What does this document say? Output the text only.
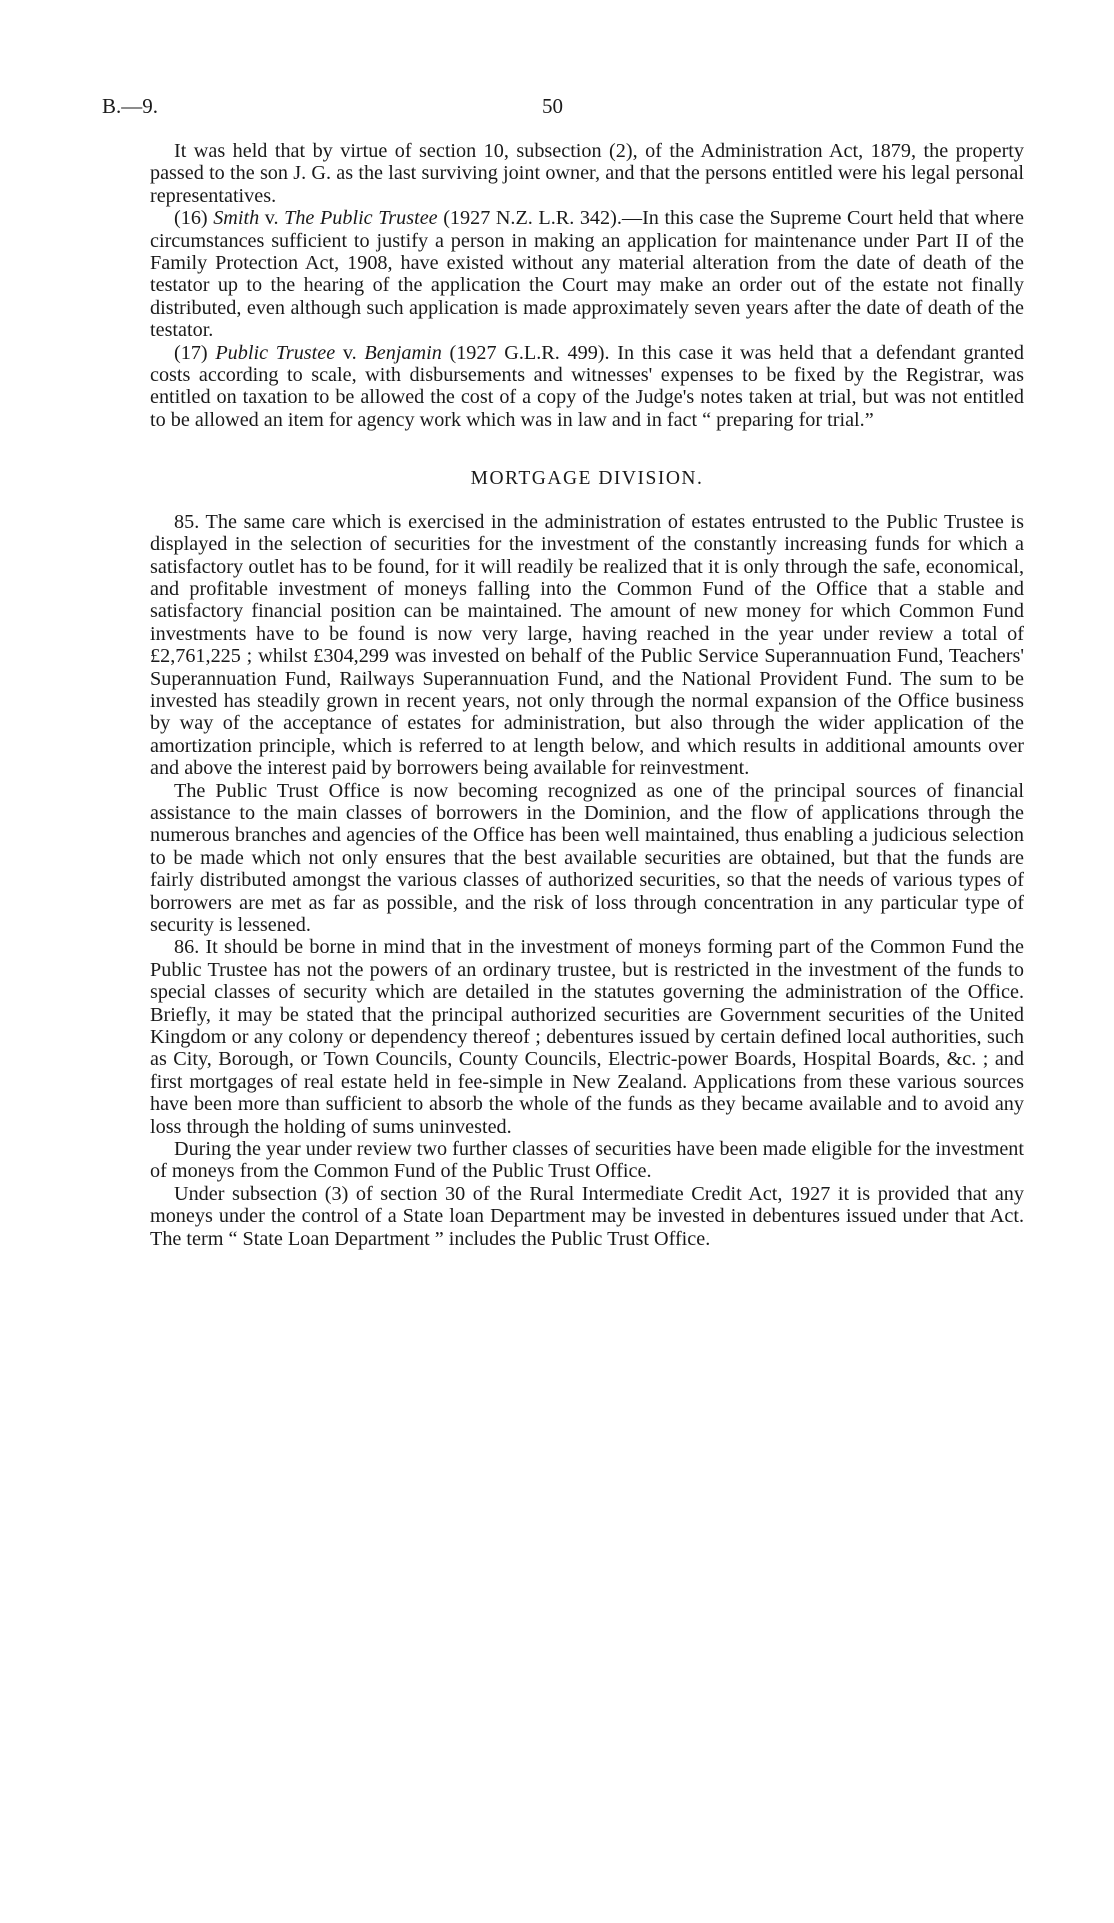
B.—9.	50

It was held that by virtue of section 10, subsection (2), of the Administration Act, 1879, the property passed to the son J. G. as the last surviving joint owner, and that the persons entitled were his legal personal representatives.

(16) Smith v. The Public Trustee (1927 N.Z. L.R. 342).—In this case the Supreme Court held that where circumstances sufficient to justify a person in making an application for maintenance under Part II of the Family Protection Act, 1908, have existed without any material alteration from the date of death of the testator up to the hearing of the application the Court may make an order out of the estate not finally distributed, even although such application is made approximately seven years after the date of death of the testator.

(17) Public Trustee v. Benjamin (1927 G.L.R. 499). In this case it was held that a defendant granted costs according to scale, with disbursements and witnesses' expenses to be fixed by the Registrar, was entitled on taxation to be allowed the cost of a copy of the Judge's notes taken at trial, but was not entitled to be allowed an item for agency work which was in law and in fact “ preparing for trial.”

MORTGAGE DIVISION.

85. The same care which is exercised in the administration of estates entrusted to the Public Trustee is displayed in the selection of securities for the investment of the constantly increasing funds for which a satisfactory outlet has to be found, for it will readily be realized that it is only through the safe, economical, and profitable investment of moneys falling into the Common Fund of the Office that a stable and satisfactory financial position can be maintained. The amount of new money for which Common Fund investments have to be found is now very large, having reached in the year under review a total of £2,761,225 ; whilst £304,299 was invested on behalf of the Public Service Superannuation Fund, Teachers' Superannuation Fund, Railways Superannuation Fund, and the National Provident Fund. The sum to be invested has steadily grown in recent years, not only through the normal expansion of the Office business by way of the acceptance of estates for administration, but also through the wider application of the amortization principle, which is referred to at length below, and which results in additional amounts over and above the interest paid by borrowers being available for reinvestment.

The Public Trust Office is now becoming recognized as one of the principal sources of financial assistance to the main classes of borrowers in the Dominion, and the flow of applications through the numerous branches and agencies of the Office has been well maintained, thus enabling a judicious selection to be made which not only ensures that the best available securities are obtained, but that the funds are fairly distributed amongst the various classes of authorized securities, so that the needs of various types of borrowers are met as far as possible, and the risk of loss through concentration in any particular type of security is lessened.

86. It should be borne in mind that in the investment of moneys forming part of the Common Fund the Public Trustee has not the powers of an ordinary trustee, but is restricted in the investment of the funds to special classes of security which are detailed in the statutes governing the administration of the Office. Briefly, it may be stated that the principal authorized securities are Government securities of the United Kingdom or any colony or dependency thereof ; debentures issued by certain defined local authorities, such as City, Borough, or Town Councils, County Councils, Electric-power Boards, Hospital Boards, &c. ; and first mortgages of real estate held in fee-simple in New Zealand. Applications from these various sources have been more than sufficient to absorb the whole of the funds as they became available and to avoid any loss through the holding of sums uninvested.

During the year under review two further classes of securities have been made eligible for the investment of moneys from the Common Fund of the Public Trust Office.

Under subsection (3) of section 30 of the Rural Intermediate Credit Act, 1927 it is provided that any moneys under the control of a State loan Department may be invested in debentures issued under that Act. The term “ State Loan Department ” includes the Public Trust Office.
